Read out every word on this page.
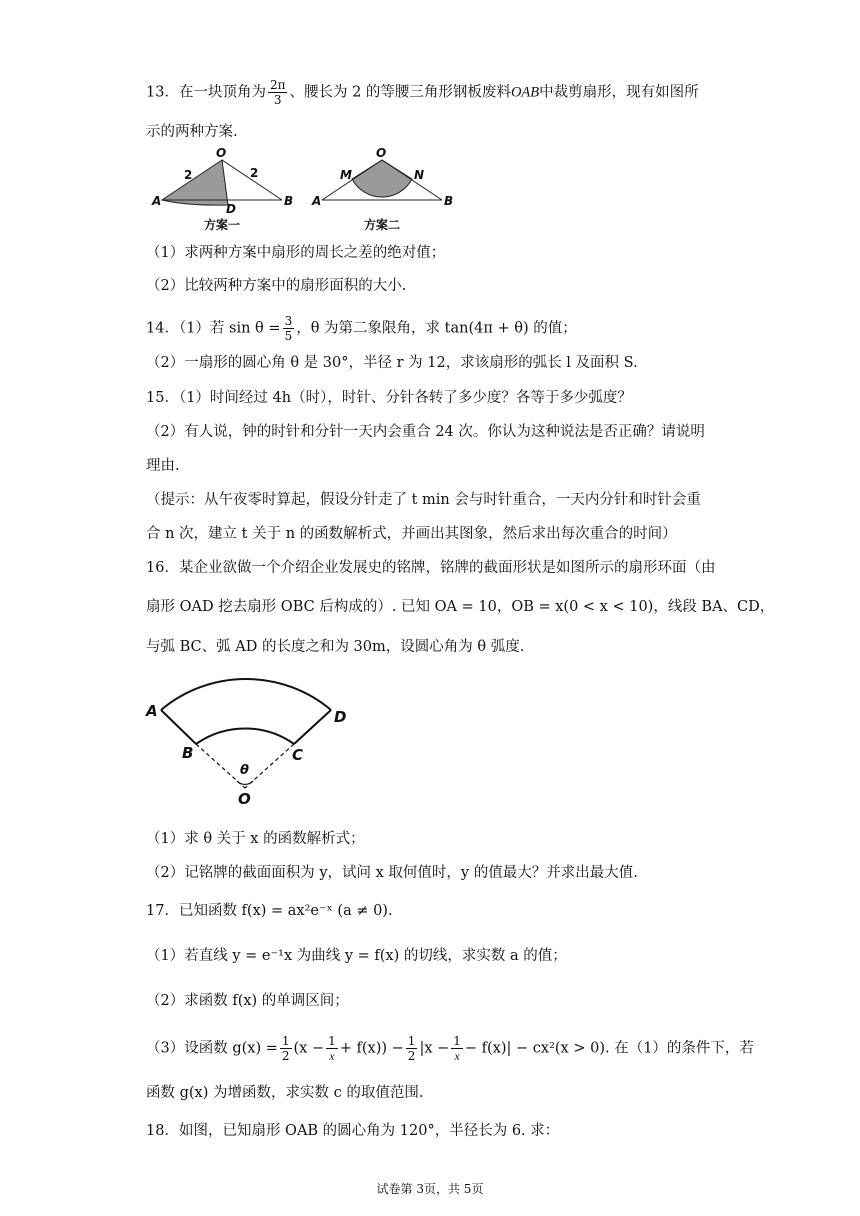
13．在一块顶角为 $\frac{2\pi}{3}$ 、腰长为 2 的等腰三角形钢板废料OAB中裁剪扇形，现有如图所
示的两种方案.
O
A	B
D
2	2
方案一
O
A	B
M	N
方案二
（1）求两种方案中扇形的周长之差的绝对值；
（2）比较两种方案中的扇形面积的大小.
14．（1）若 $\sin \theta = \frac{3}{5}$ ，θ 为第二象限角，求 tan(4π + θ) 的值；
（2）一扇形的圆心角 θ 是 30°，半径 r 为 12，求该扇形的弧长 l 及面积 S.
15．（1）时间经过 4h（时），时针、分针各转了多少度？各等于多少弧度？
（2）有人说，钟的时针和分针一天内会重合 24 次。你认为这种说法是否正确？请说明
理由.
（提示：从午夜零时算起，假设分针走了 t min 会与时针重合，一天内分针和时针会重
合 n 次，建立 t 关于 n 的函数解析式，并画出其图象，然后求出每次重合的时间）
16．某企业欲做一个介绍企业发展史的铭牌，铭牌的截面形状是如图所示的扇形环面（由
扇形 OAD 挖去扇形 OBC 后构成的）. 已知 OA = 10，OB = x(0 < x < 10)，线段 BA、CD，
与弧 BC、弧 AD 的长度之和为 30m，设圆心角为 θ 弧度.
A	D
B	C
θ
O
（1）求 θ 关于 x 的函数解析式；
（2）记铭牌的截面面积为 y，试问 x 取何值时，y 的值最大？并求出最大值.
17．已知函数 f(x) = ax²e⁻ˣ (a ≠ 0).
（1）若直线 y = e⁻¹x 为曲线 y = f(x) 的切线，求实数 a 的值；
（2）求函数 f(x) 的单调区间；
（3）设函数 $g(x) = \frac{1}{2} (x - \frac{1}{x} + f(x)) - \frac{1}{2} |x - \frac{1}{x} - f(x)| - cx^2(x > 0)$. 在（1）的条件下，若
函数 g(x) 为增函数，求实数 c 的取值范围.
18．如图，已知扇形 OAB 的圆心角为 120°，半径长为 6. 求：
试卷第 3页，共 5页
